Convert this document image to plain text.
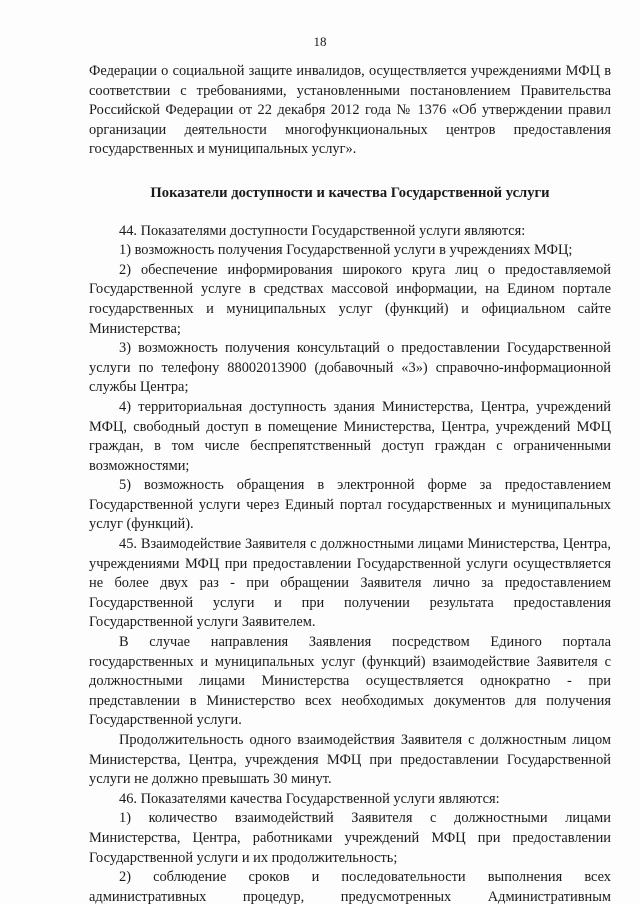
18

Федерации о социальной защите инвалидов, осуществляется учреждениями МФЦ в соответствии с требованиями, установленными постановлением Правительства Российской Федерации от 22 декабря 2012 года № 1376 «Об утверждении правил организации деятельности многофункциональных центров предоставления государственных и муниципальных услуг».

Показатели доступности и качества Государственной услуги

44. Показателями доступности Государственной услуги являются:

1) возможность получения Государственной услуги в учреждениях МФЦ;

2) обеспечение информирования широкого круга лиц о предоставляемой Государственной услуге в средствах массовой информации, на Едином портале государственных и муниципальных услуг (функций) и официальном сайте Министерства;

3) возможность получения консультаций о предоставлении Государственной услуги по телефону 88002013900 (добавочный «3») справочно-информационной службы Центра;

4) территориальная доступность здания Министерства, Центра, учреждений МФЦ, свободный доступ в помещение Министерства, Центра, учреждений МФЦ граждан, в том числе беспрепятственный доступ граждан с ограниченными возможностями;

5) возможность обращения в электронной форме за предоставлением Государственной услуги через Единый портал государственных и муниципальных услуг (функций).

45. Взаимодействие Заявителя с должностными лицами Министерства, Центра, учреждениями МФЦ при предоставлении Государственной услуги осуществляется не более двух раз - при обращении Заявителя лично за предоставлением Государственной услуги и при получении результата предоставления Государственной услуги Заявителем.

В случае направления Заявления посредством Единого портала государственных и муниципальных услуг (функций) взаимодействие Заявителя с должностными лицами Министерства осуществляется однократно - при представлении в Министерство всех необходимых документов для получения Государственной услуги.

Продолжительность одного взаимодействия Заявителя с должностным лицом Министерства, Центра, учреждения МФЦ при предоставлении Государственной услуги не должно превышать 30 минут.

46. Показателями качества Государственной услуги являются:

1) количество взаимодействий Заявителя с должностными лицами Министерства, Центра, работниками учреждений МФЦ при предоставлении Государственной услуги и их продолжительность;

2) соблюдение сроков и последовательности выполнения всех административных процедур, предусмотренных Административным
